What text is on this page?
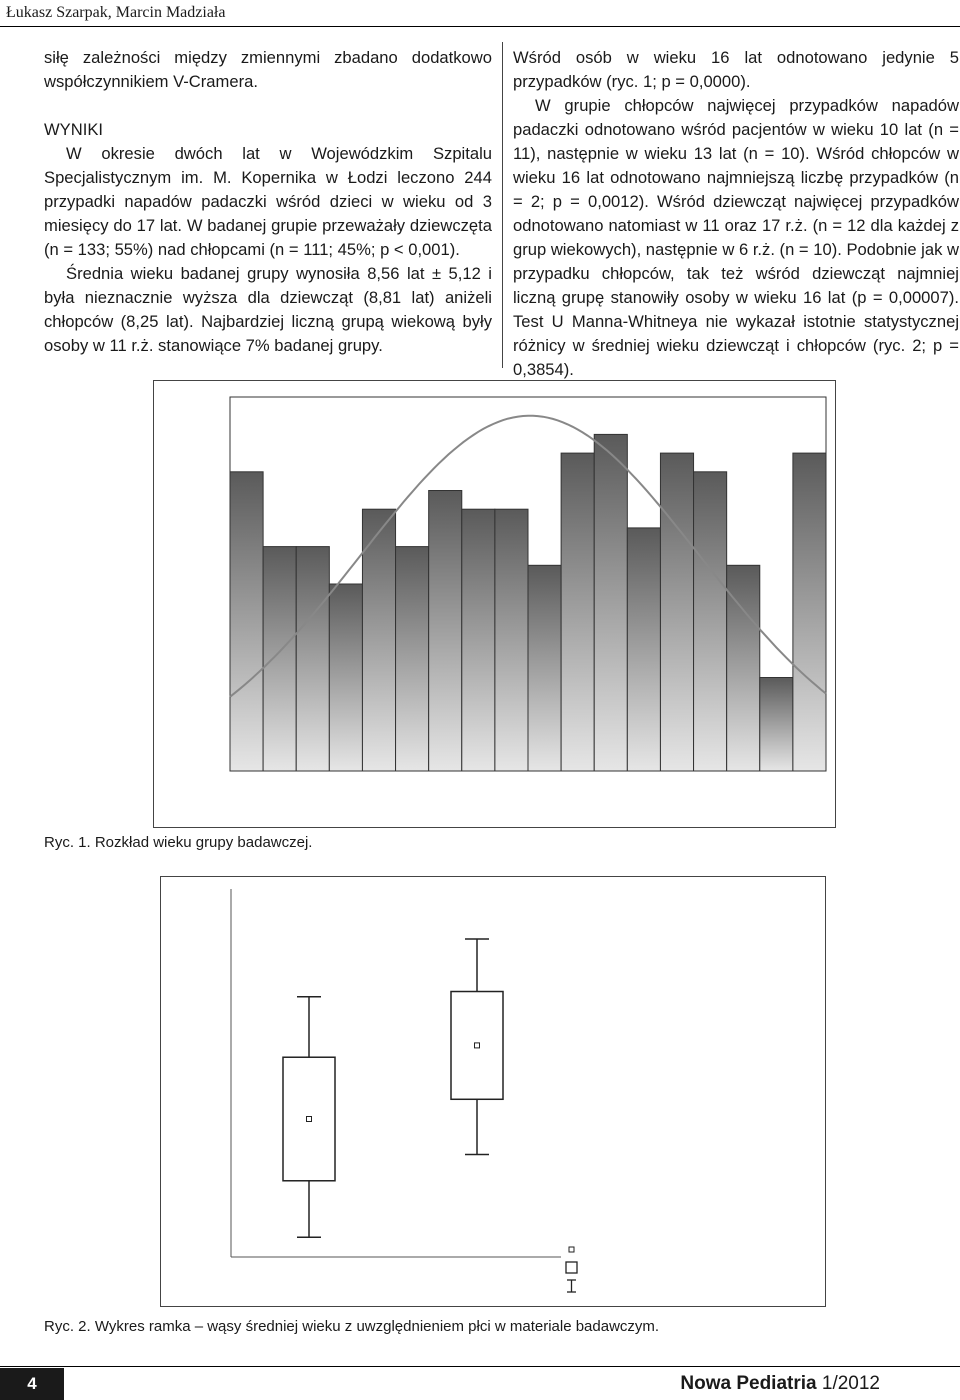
Łukasz Szarpak, Marcin Madziała

siłę zależności między zmiennymi zbadano dodatkowo współczynnikiem V-Cramera.

WYNIKI

W okresie dwóch lat w Wojewódzkim Szpitalu Specjalistycznym im. M. Kopernika w Łodzi leczono 244 przypadki napadów padaczki wśród dzieci w wieku od 3 miesięcy do 17 lat. W badanej grupie przeważały dziewczęta (n = 133; 55%) nad chłopcami (n = 111; 45%; p < 0,001).

Średnia wieku badanej grupy wynosiła 8,56 lat ± 5,12 i była nieznacznie wyższa dla dziewcząt (8,81 lat) aniżeli chłopców (8,25 lat). Najbardziej liczną grupą wiekową były osoby w 11 r.ż. stanowiące 7% badanej grupy.

Wśród osób w wieku 16 lat odnotowano jedynie 5 przypadków (ryc. 1; p = 0,0000).

W grupie chłopców najwięcej przypadków napadów padaczki odnotowano wśród pacjentów w wieku 10 lat (n = 11), następnie w wieku 13 lat (n = 10). Wśród chłopców w wieku 16 lat odnotowano najmniejszą liczbę przypadków (n = 2; p = 0,0012). Wśród dziewcząt najwięcej przypadków odnotowano natomiast w 11 oraz 17 r.ż. (n = 12 dla każdej z grup wiekowych), następnie w 6 r.ż. (n = 10). Podobnie jak w przypadku chłopców, tak też wśród dziewcząt najmniej liczną grupę stanowiły osoby w wieku 16 lat (p = 0,00007). Test U Manna-Whitneya nie wykazał istotnie statystycznej różnicy w średniej wieku dziewcząt i chłopców (ryc. 2; p = 0,3854).

Ryc. 1. Rozkład wieku grupy badawczej.
Ryc. 2. Wykres ramka – wąsy średniej wieku z uwzględnieniem płci w materiale badawczym.
4	Nowa Pediatria 1/2012
